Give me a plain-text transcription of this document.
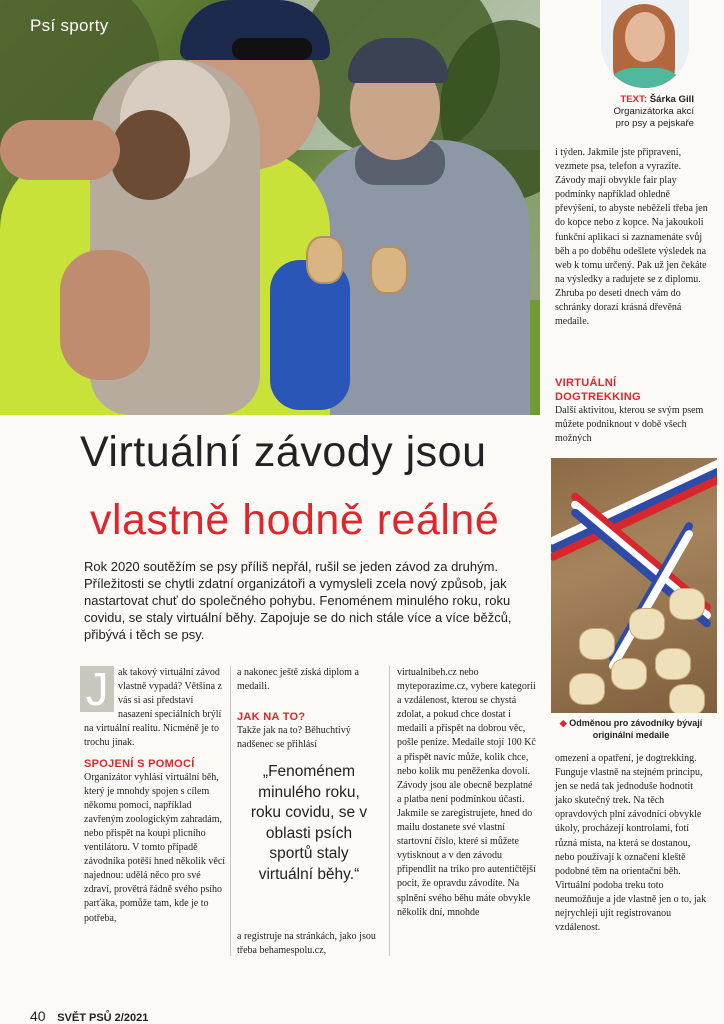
Psí sporty
TEXT: Šárka Gill
Organizátorka akcí
pro psy a pejskaře
i týden. Jakmile jste připraveni, vezmete psa, telefon a vyrazíte. Závody mají obvykle fair play podmínky například ohledně převýšení, to abyste neběželi třeba jen do kopce nebo z kopce. Na jakoukoli funkční aplikaci si zaznamenáte svůj běh a po doběhu odešlete výsledek na web k tomu určený. Pak už jen čekáte na výsledky a radujete se z diplomu. Zhruba po deseti dnech vám do schránky dorazí krásná dřevěná medaile.
VIRTUÁLNÍ
DOGTREKKING
Další aktivitou, kterou se svým psem můžete podniknout v době všech možných
◆ Odměnou pro závodníky bývají originální medaile
omezení a opatření, je dogtrekking. Funguje vlastně na stejném principu, jen se nedá tak jednoduše hodnotit jako skutečný trek. Na těch opravdových plní závodníci obvykle úkoly, procházejí kontrolami, fotí různá místa, na která se dostanou, nebo používají k označení kleště podobné těm na orientační běh. Virtuální podoba treku toto neumožňuje a jde vlastně jen o to, jak nejrychleji ujít registrovanou vzdálenost.
Virtuální závody jsou
vlastně hodně reálné
Rok 2020 soutěžím se psy příliš nepřál, rušil se jeden závod za druhým. Příležitosti se chytli zdatní organizátoři a vymysleli zcela nový způsob, jak nastartovat chuť do společného pohybu. Fenoménem minulého roku, roku covidu, se staly virtuální běhy. Zapojuje se do nich stále více a více běžců, přibývá i těch se psy.
J ak takový virtuální závod vlastně vypadá? Většina z vás si asi představí nasazení speciálních brýlí na virtuální realitu. Nicméně je to trochu jinak.
SPOJENÍ S POMOCÍ
Organizátor vyhlásí virtuální běh, který je mnohdy spojen s cílem někomu pomoci, například zavřeným zoologickým zahradám, nebo přispět na koupi plicního ventilátoru. V tomto případě závodníka potěší hned několik věcí najednou: udělá něco pro své zdraví, provětrá řádně svého psího parťáka, pomůže tam, kde je to potřeba,
a nakonec ještě získá diplom a medaili.
JAK NA TO?
Takže jak na to? Běhuchtivý nadšenec se přihlásí
„Fenoménem minulého roku, roku covidu, se v oblasti psích sportů staly virtuální běhy.“
a registruje na stránkách, jako jsou třeba behamespolu.cz,
virtualnibeh.cz nebo myteporazime.cz, vybere kategorii a vzdálenost, kterou se chystá zdolat, a pokud chce dostat i medaili a přispět na dobrou věc, pošle peníze. Medaile stojí 100 Kč a přispět navíc může, kolik chce, nebo kolik mu peněženka dovolí. Závody jsou ale obecně bezplatné a platba není podmínkou účasti. Jakmile se zaregistrujete, hned do mailu dostanete své vlastní startovní číslo, které si můžete vytisknout a v den závodu připendlit na triko pro autentičtější pocit, že opravdu závodíte. Na splnění svého běhu máte obvykle několik dní, mnohde
40 SVĚT PSŮ 2/2021
